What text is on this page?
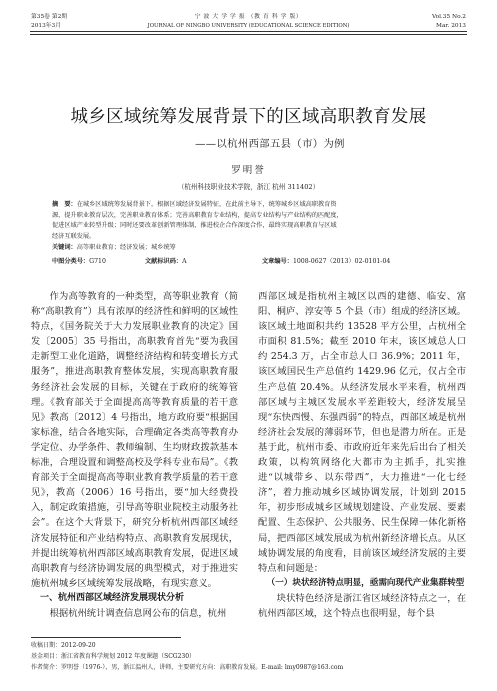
第35卷 第2期
2013年3月
宁 波 大 学 学 报 （教 育 科 学 版）
JOURNAL OF NINGBO UNIVERSITY (EDUCATIONAL SCIENCE EDITION)
Vol.35 No.2
Mar. 2013
城乡区域统筹发展背景下的区域高职教育发展
——以杭州西部五县（市）为例
罗明誉
（杭州科技职业技术学院，浙江 杭州 311402）
摘　要：在城乡区域统筹发展背景下，根据区域经济发展特征，在此前主导下，统筹城乡区域高职教育资
源，提升职业教育层次，完善职业教育体系；完善高职教育专业结构，提高专业结构与产业结构的匹配度，
促进区域产业转型升级；同时还要改革创新管理体制，推进校企合作深度合作，最终实现高职教育与区域
经济互联发展。
关键词：高等职业教育；经济发展；城乡统筹
中图分类号：G710	文献标识码：A	文章编号：1008-0627（2013）02-0101-04

作为高等教育的一种类型，高等职业教育（简称“高职教育”）具有浓厚的经济性和鲜明的区域性特点，《国务院关于大力发展职业教育的决定》国发〔2005〕35 号指出，高职教育首先“要为我国走新型工业化道路，调整经济结构和转变增长方式服务”，推进高职教育整体发展，实现高职教育服务经济社会发展的目标，关键在于政府的统筹管理。《教育部关于全面提高高等教育质量的若干意见》教高〔2012〕4 号指出，地方政府要“根据国家标准，结合各地实际，合理确定各类高等教育办学定位、办学条件、教师编制、生均财政拨款基本标准，合理设置和调整高校及学科专业布局”。《教育部关于全面提高高等职业教育教学质量的若干意见》，教高（2006）16 号指出，要“加大经费投入，制定政策措施，引导高等职业院校主动服务社会”。在这个大背景下，研究分析杭州西部区域经济发展特征和产业结构特点、高职教育发展现状，并提出统筹杭州西部区域高职教育发展，促进区域高职教育与经济协调发展的典型模式，对于推进实施杭州城乡区域统筹发展战略，有现实意义。

一、杭州西部区域经济发展现状分析

根据杭州统计调查信息网公布的信息，杭州

西部区域是指杭州主城区以西的建德、临安、富阳、桐庐、淳安等 5 个县（市）组成的经济区域。该区域土地面积共约 13528 平方公里，占杭州全市面积 81.5%；截至 2010 年末，该区域总人口约 254.3 万，占全市总人口 36.9%；2011 年，该区域国民生产总值约 1429.96 亿元，仅占全市生产总值 20.4%。从经济发展水平来看，杭州西部区域与主城区发展水平差距较大，经济发展呈现“东快西慢、东强西弱”的特点，西部区域是杭州经济社会发展的薄弱环节，但也是潜力所在。正是基于此，杭州市委、市政府近年来先后出台了相关政策，以构筑网络化大都市为主抓手，扎实推进“以城带乡、以东带西”，大力推进“一化七经济”，着力推动城乡区域协调发展，计划到 2015 年，初步形成城乡区域规划建设、产业发展、要素配置、生态保护、公共服务、民生保障一体化新格局，把西部区域发展成为杭州新经济增长点。从区域协调发展的角度看，目前该区域经济发展的主要特点和问题是：

（一）块状经济特点明显，亟需向现代产业集群转型

块状特色经济是浙江省区域经济特点之一，在杭州西部区域，这个特点也很明显，每个县

收稿日期：2012-09-20
基金项目：浙江省教育科学规划 2012 年度课题（SCG230）
作者简介：罗明誉（1976-），男，浙江温州人，讲师，主要研究方向：高职教育发展。E-mail: lmy0987@163.com
